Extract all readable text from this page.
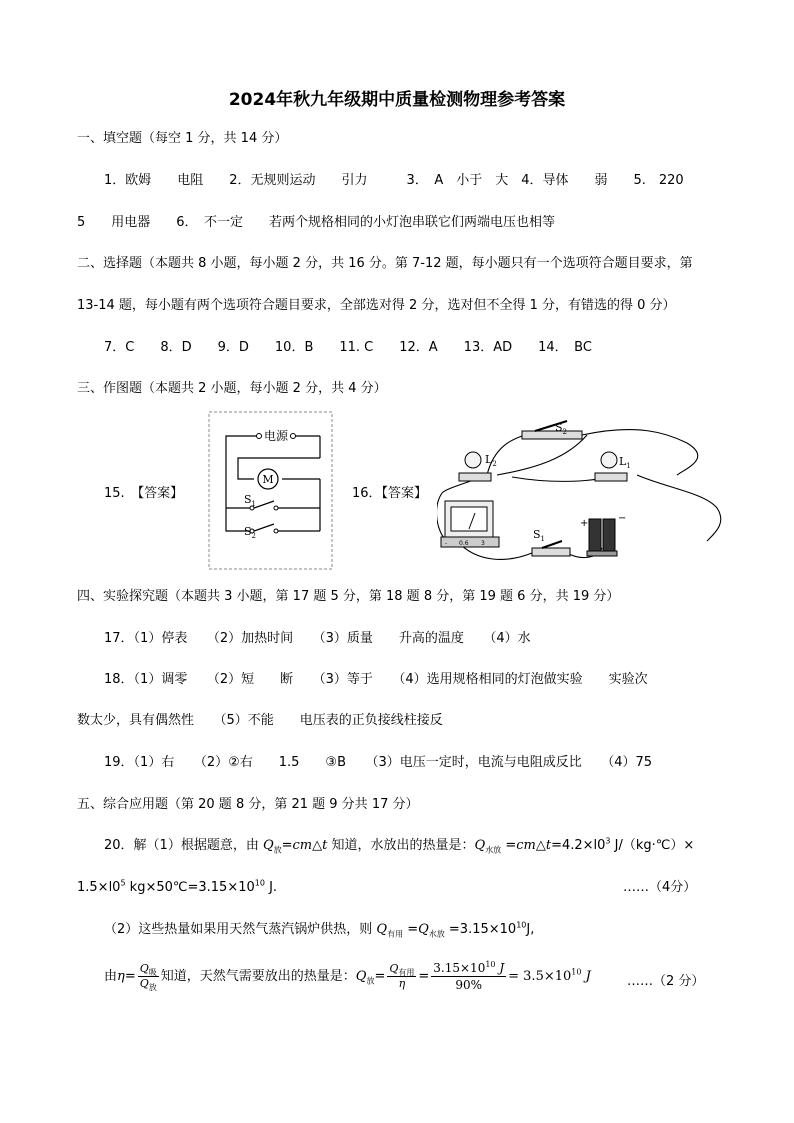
2024年秋九年级期中质量检测物理参考答案
一、填空题（每空 1 分，共 14 分）
1．欧姆　　电阻　　2．无规则运动　　引力　　　3．　A　小于　大　4．导体　　弱　　5.　220
5　　用电器　　6．　不一定　　若两个规格相同的小灯泡串联它们两端电压也相等
二、选择题（本题共 8 小题，每小题 2 分，共 16 分。第 7-12 题，每小题只有一个选项符合题目要求，第
13-14 题，每小题有两个选项符合题目要求，全部选对得 2 分，选对但不全得 1 分，有错选的得 0 分）
7．C　　8．D　　9．D　　10．B　　11. C　　12．A　　13．AD　　14．　BC
三、作图题（本题共 2 小题，每小题 2 分，共 4 分）
15.　【答案】	16．【答案】
电源
M
$S_1$
$S_2$
$S_2$
$L_2$	$L_1$
- 0.6 3
$S_1$
+	−
四、实验探究题（本题共 3 小题，第 17 题 5 分，第 18 题 8 分，第 19 题 6 分，共 19 分）
17．（1）停表　　（2）加热时间　　（3）质量　　升高的温度　　（4）水
18．（1）调零　　（2）短　　断　　（3）等于　　（4）选用规格相同的灯泡做实验　　实验次
数太少，具有偶然性　　（5）不能　　电压表的正负接线柱接反
19．（1）右　　（2）②右　　1.5　　③B　　（3）电压一定时，电流与电阻成反比　　（4）75
五、综合应用题（第 20 题 8 分，第 21 题 9 分共 17 分）
20．解（1）根据题意，由 $Q_放=cm\triangle t$ 知道，水放出的热量是：$Q_{水放}$ $=cm\triangle t=4.2\times l0^3$ J/（kg·℃）×
$1.5\times l0^5$ $kg\times 50℃=3.15\times 10^{10}$ J.	……（4分）
（2）这些热量如果用天然气蒸汽锅炉供热，则 $Q_{有用} =Q_{水放} =3.15\times 10^{10}J$,
由$\eta= \frac{Q_吸}{Q_放}$ 知道，天然气需要放出的热量是：$Q_放= \frac{Q_{有用}}{\eta} = \frac{3.15\times 10^{10} J}{90\%} = 3.5\times 10^{10}$ J	……（2 分）
